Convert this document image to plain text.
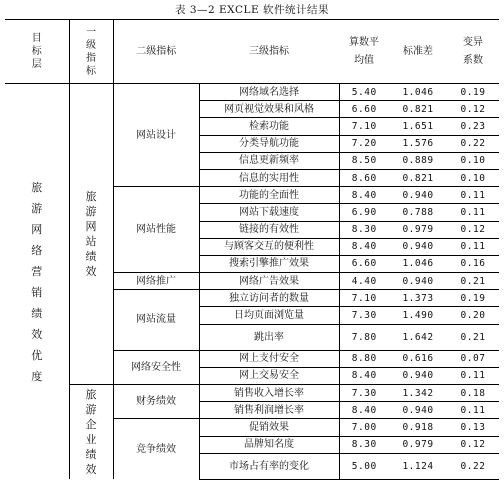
表 3—2 EXCLE 软件统计结果
目标层	一级指标	二级指标	三级指标	算数平均值	标准差	变异系数
旅游网络营销绩效优度	旅游网站绩效	网站设计	网络域名选择	5.40	1.046	0.19
			网页视觉效果和风格	6.60	0.821	0.12
			检索功能	7.10	1.651	0.23
			分类导航功能	7.20	1.576	0.22
			信息更新频率	8.50	0.889	0.10
			信息的实用性	8.60	0.821	0.10
		网站性能	功能的全面性	8.40	0.940	0.11
			网站下载速度	6.90	0.788	0.11
			链接的有效性	8.30	0.979	0.12
			与顾客交互的便利性	8.40	0.940	0.11
			搜索引擎推广效果	6.60	1.046	0.16
		网络推广	网络广告效果	4.40	0.940	0.21
		网站流量	独立访问者的数量	7.10	1.373	0.19
			日均页面浏览量	7.30	1.490	0.20
			跳出率	7.80	1.642	0.21
		网络安全性	网上支付安全	8.80	0.616	0.07
			网上交易安全	8.40	0.940	0.11
	旅游企业绩效	财务绩效	销售收入增长率	7.30	1.342	0.18
			销售利润增长率	8.40	0.940	0.11
		竞争绩效	促销效果	7.00	0.918	0.13
			品牌知名度	8.30	0.979	0.12
			市场占有率的变化	5.00	1.124	0.22
